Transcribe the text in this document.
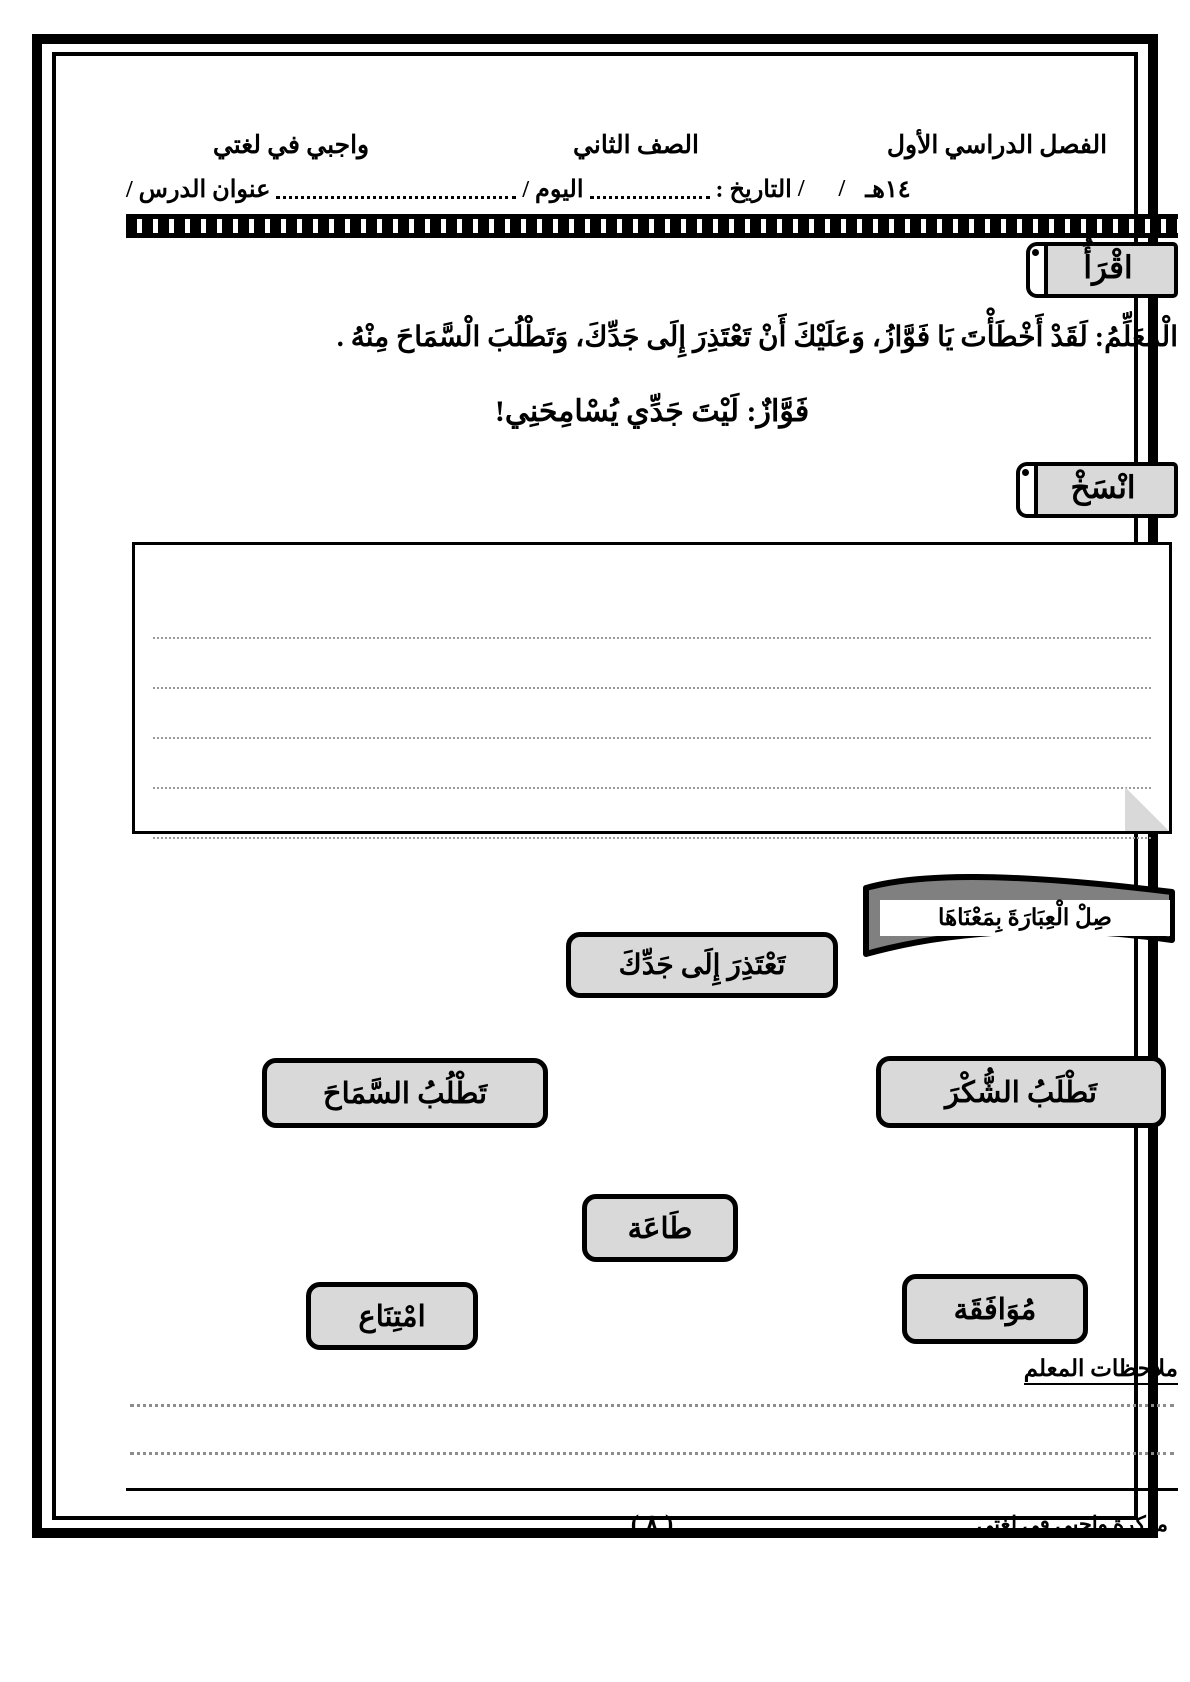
واجبي في لغتي	الصف الثاني	الفصل الدراسي الأول
عنوان الدرس /	اليوم /	التاريخ : / / ١٤هـ
اقْرَأُ
الْمُعَلِّمُ: لَقَدْ أَخْطَأْتَ يَا فَوَّازُ، وَعَلَيْكَ أَنْ تَعْتَذِرَ إِلَى جَدِّكَ، وَتَطْلُبَ الْسَّمَاحَ مِنْهُ .
فَوَّازٌ: لَيْتَ جَدِّي يُسْامِحَنِي!
انْسَخْ
صِلْ الْعِبَارَةَ بِمَعْنَاهَا
تَعْتَذِرَ إِلَى جَدِّكَ
تَطْلُبُ السَّمَاحَ	تَطْلَبُ الشُّكْرَ
طَاعَة
امْتِنَاع	مُوَافَقَة
ملاحظات المعلم
( ٨ )	مذكرة واجبي في لغتي
